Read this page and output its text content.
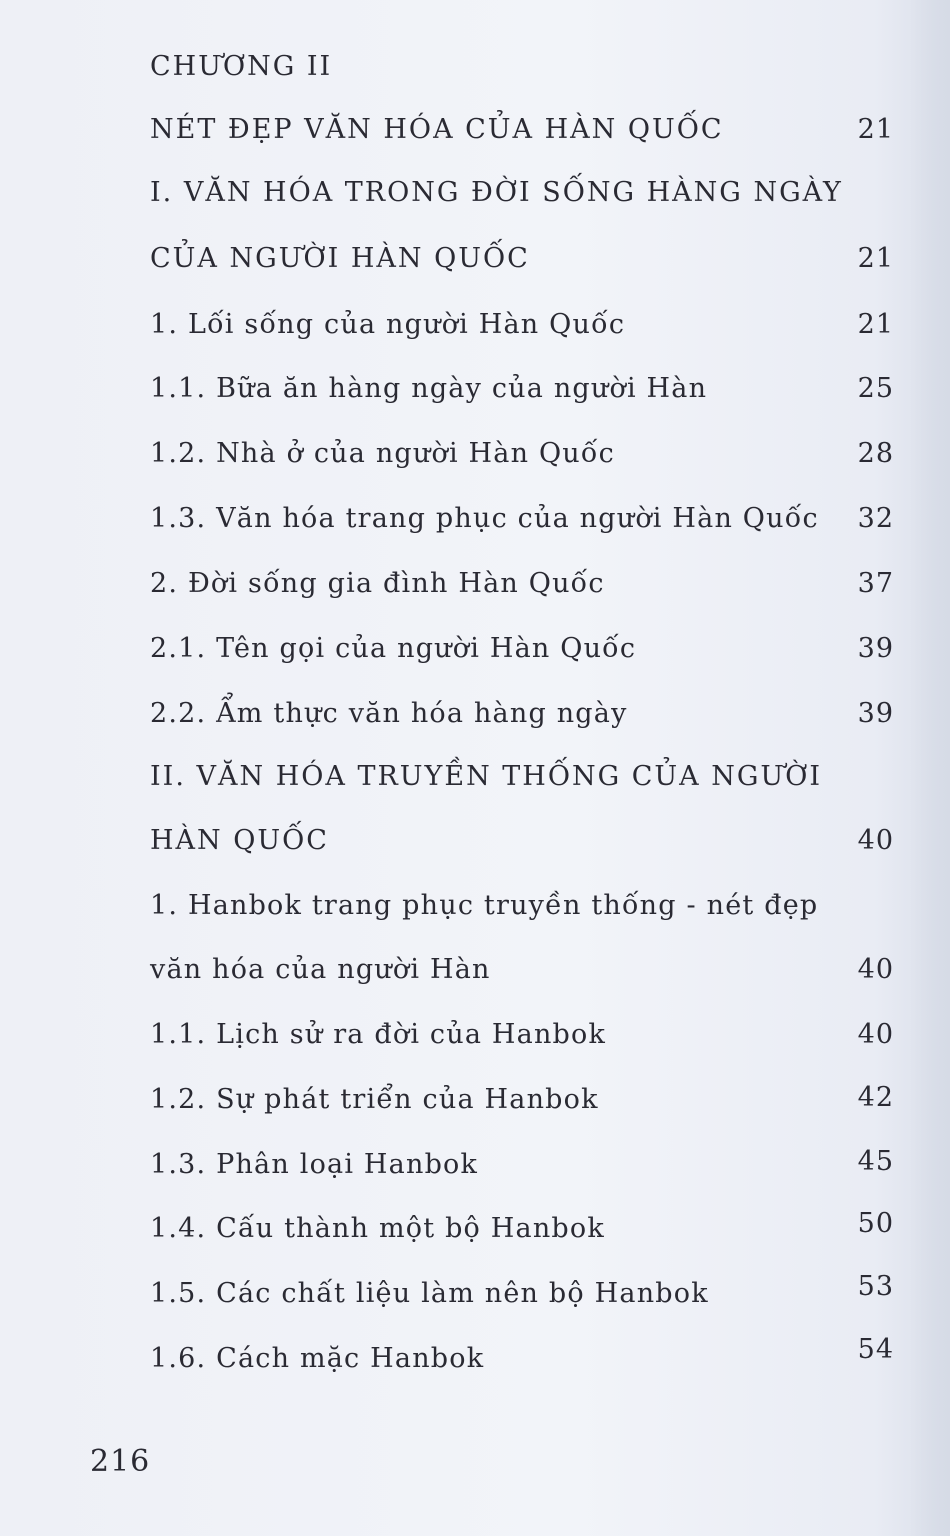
CHƯƠNG II
NÉT ĐẸP VĂN HÓA CỦA HÀN QUỐC	21
I. VĂN HÓA TRONG ĐỜI SỐNG HÀNG NGÀY
CỦA NGƯỜI HÀN QUỐC	21
1. Lối sống của người Hàn Quốc	21
1.1. Bữa ăn hàng ngày của người Hàn	25
1.2. Nhà ở của người Hàn Quốc	28
1.3. Văn hóa trang phục của người Hàn Quốc 32
2. Đời sống gia đình Hàn Quốc	37
2.1. Tên gọi của người Hàn Quốc	39
2.2. Ẩm thực văn hóa hàng ngày	39
II. VĂN HÓA TRUYỀN THỐNG CỦA NGƯỜI
HÀN QUỐC	40
1. Hanbok trang phục truyền thống - nét đẹp
văn hóa của người Hàn	40
1.1. Lịch sử ra đời của Hanbok	40
1.2. Sự phát triển của Hanbok	42
1.3. Phân loại Hanbok	45
1.4. Cấu thành một bộ Hanbok	50
1.5. Các chất liệu làm nên bộ Hanbok	53
1.6. Cách mặc Hanbok	54
216
